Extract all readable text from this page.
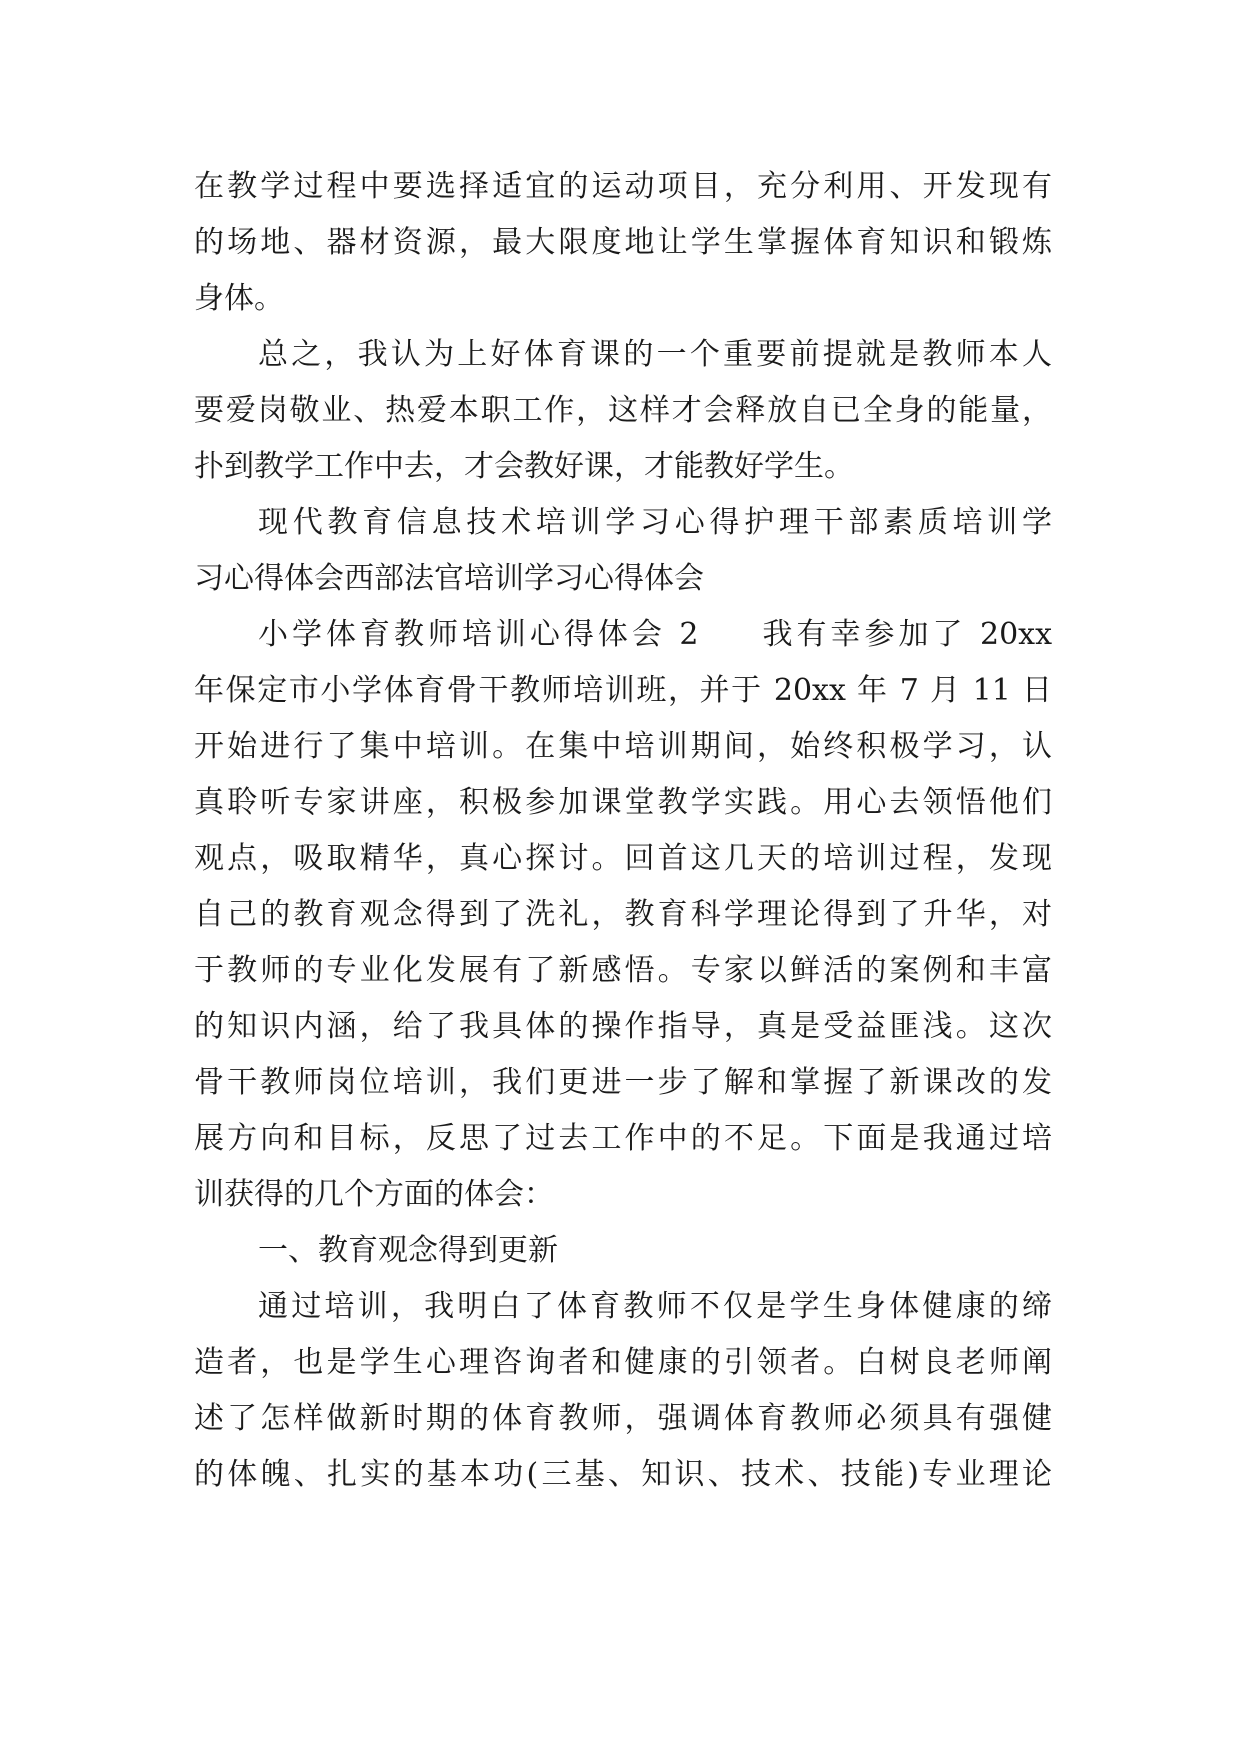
在教学过程中要选择适宜的运动项目，充分利用、开发现有
的场地、器材资源，最大限度地让学生掌握体育知识和锻炼
身体。
总之，我认为上好体育课的一个重要前提就是教师本人
要爱岗敬业、热爱本职工作，这样才会释放自已全身的能量，
扑到教学工作中去，才会教好课，才能教好学生。
现代教育信息技术培训学习心得护理干部素质培训学
习心得体会西部法官培训学习心得体会
小学体育教师培训心得体会 2 我有幸参加了 20xx
年保定市小学体育骨干教师培训班，并于 20xx 年 7 月 11 日
开始进行了集中培训。在集中培训期间，始终积极学习，认
真聆听专家讲座，积极参加课堂教学实践。用心去领悟他们
观点，吸取精华，真心探讨。回首这几天的培训过程，发现
自己的教育观念得到了洗礼，教育科学理论得到了升华，对
于教师的专业化发展有了新感悟。专家以鲜活的案例和丰富
的知识内涵，给了我具体的操作指导，真是受益匪浅。这次
骨干教师岗位培训，我们更进一步了解和掌握了新课改的发
展方向和目标，反思了过去工作中的不足。下面是我通过培
训获得的几个方面的体会：
一、教育观念得到更新
通过培训，我明白了体育教师不仅是学生身体健康的缔
造者，也是学生心理咨询者和健康的引领者。白树良老师阐
述了怎样做新时期的体育教师，强调体育教师必须具有强健
的体魄、扎实的基本功(三基、知识、技术、技能)专业理论
